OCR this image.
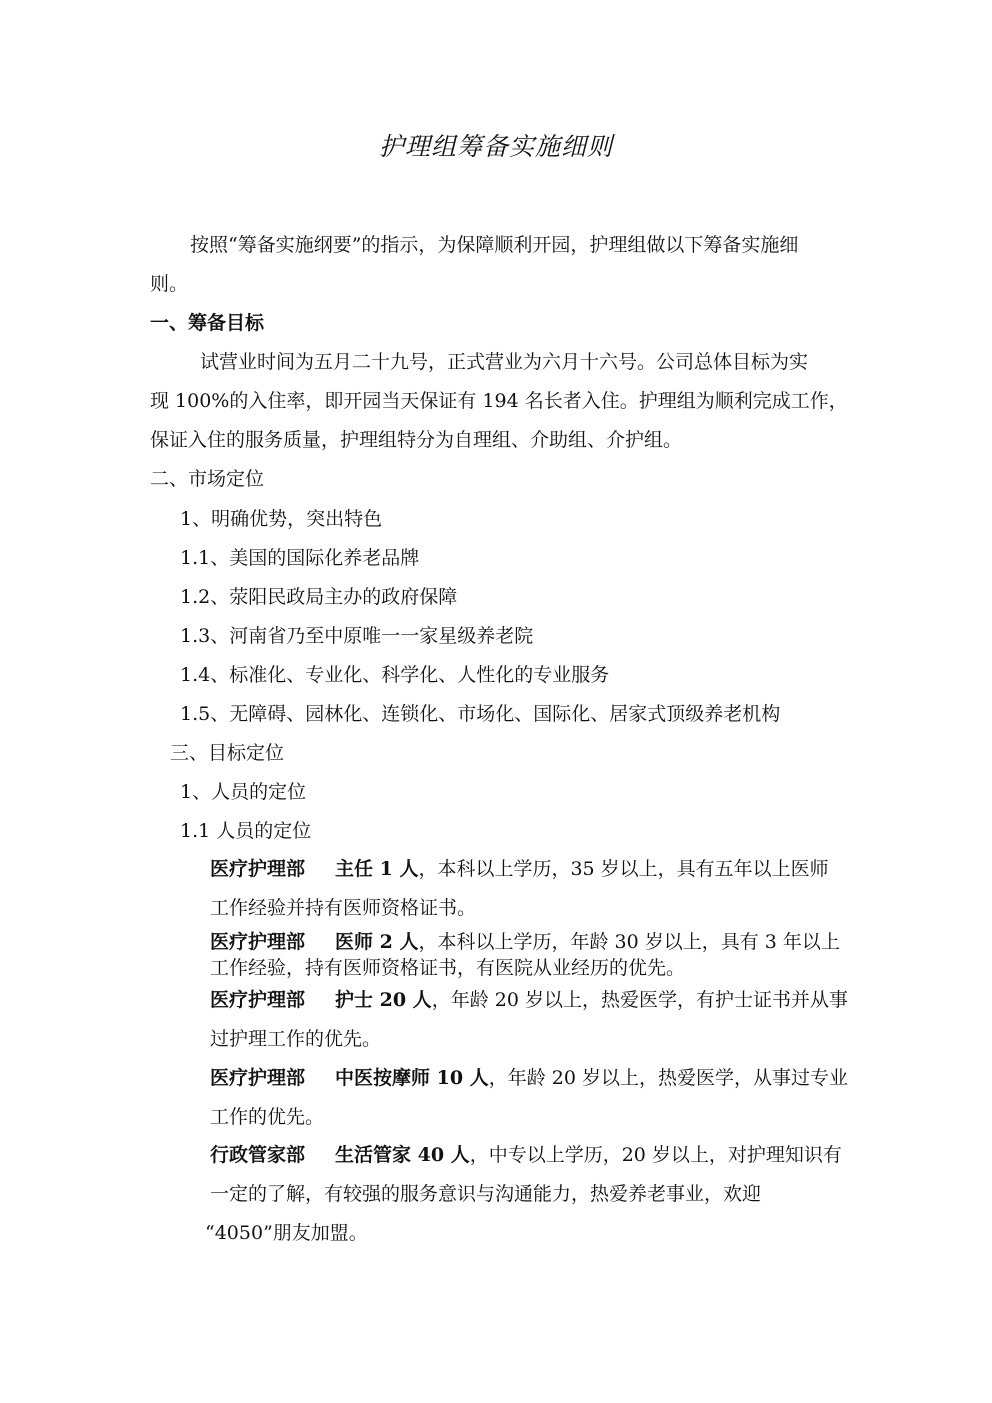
护理组筹备实施细则
按照“筹备实施纲要”的指示，为保障顺利开园，护理组做以下筹备实施细
则。
一、筹备目标
试营业时间为五月二十九号，正式营业为六月十六号。公司总体目标为实
现 100%的入住率，即开园当天保证有 194 名长者入住。护理组为顺利完成工作，
保证入住的服务质量，护理组特分为自理组、介助组、介护组。
二、市场定位
1、明确优势，突出特色
1.1、美国的国际化养老品牌
1.2、荥阳民政局主办的政府保障
1.3、河南省乃至中原唯一一家星级养老院
1.4、标准化、专业化、科学化、人性化的专业服务
1.5、无障碍、园林化、连锁化、市场化、国际化、居家式顶级养老机构
三、目标定位
1、人员的定位
1.1 人员的定位
医疗护理部 主任 1 人，本科以上学历，35 岁以上，具有五年以上医师
工作经验并持有医师资格证书。
医疗护理部 医师 2 人，本科以上学历，年龄 30 岁以上，具有 3 年以上
工作经验，持有医师资格证书，有医院从业经历的优先。
医疗护理部 护士 20 人，年龄 20 岁以上，热爱医学，有护士证书并从事
过护理工作的优先。
医疗护理部 中医按摩师 10 人，年龄 20 岁以上，热爱医学，从事过专业
工作的优先。
行政管家部 生活管家 40 人，中专以上学历，20 岁以上，对护理知识有
一定的了解，有较强的服务意识与沟通能力，热爱养老事业，欢迎
“4050”朋友加盟。
